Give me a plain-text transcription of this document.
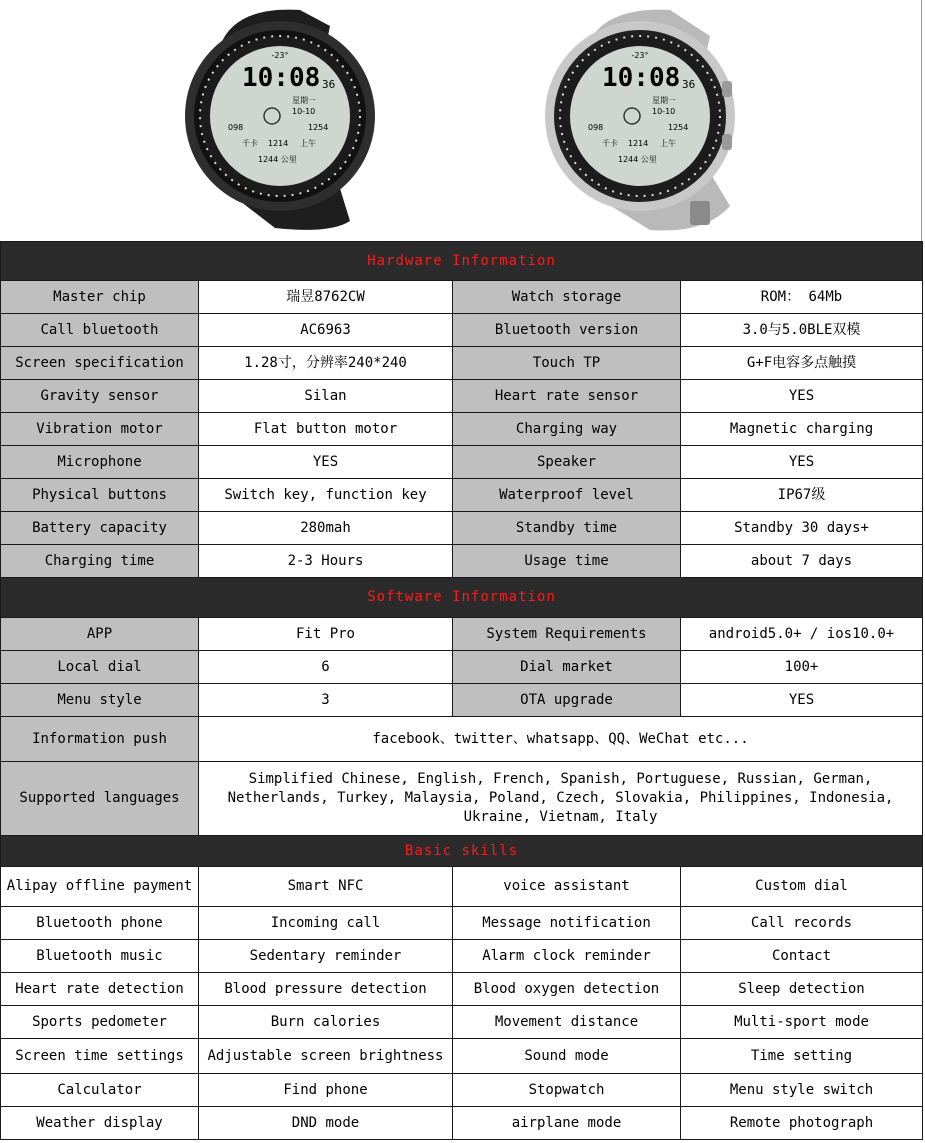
-23°
10:08 36
星期一
10-10
098	1254
千卡 1214 上午
1244 公里
-23°
10:08 36
星期一
10-10
098	1254
千卡 1214 上午
1244 公里
Hardware Information			
Master chip	瑞昱8762CW	Watch storage	ROM： 64Mb
Call bluetooth	AC6963	Bluetooth version	3.0与5.0BLE双模
Screen specification	1.28寸，分辨率240*240	Touch TP	G+F电容多点触摸
Gravity sensor	Silan	Heart rate sensor	YES
Vibration motor	Flat button motor	Charging way	Magnetic charging
Microphone	YES	Speaker	YES
Physical buttons	Switch key, function key	Waterproof level	IP67级
Battery capacity	280mah	Standby time	Standby 30 days+
Charging time	2-3 Hours	Usage time	about 7 days
Software Information			
APP	Fit Pro	System Requirements	android5.0+ / ios10.0+
Local dial	6	Dial market	100+
Menu style	3	OTA upgrade	YES
Information push	facebook、twitter、whatsapp、QQ、WeChat etc...		
Supported languages	Simplified Chinese, English, French, Spanish, Portuguese, Russian, German, Netherlands, Turkey, Malaysia, Poland, Czech, Slovakia, Philippines, Indonesia, Ukraine, Vietnam, Italy		
Basic skills			
Alipay offline payment	Smart NFC	voice assistant	Custom dial
Bluetooth phone	Incoming call	Message notification	Call records
Bluetooth music	Sedentary reminder	Alarm clock reminder	Contact
Heart rate detection	Blood pressure detection	Blood oxygen detection	Sleep detection
Sports pedometer	Burn calories	Movement distance	Multi-sport mode
Screen time settings	Adjustable screen brightness	Sound mode	Time setting
Calculator	Find phone	Stopwatch	Menu style switch
Weather display	DND mode	airplane mode	Remote photograph
